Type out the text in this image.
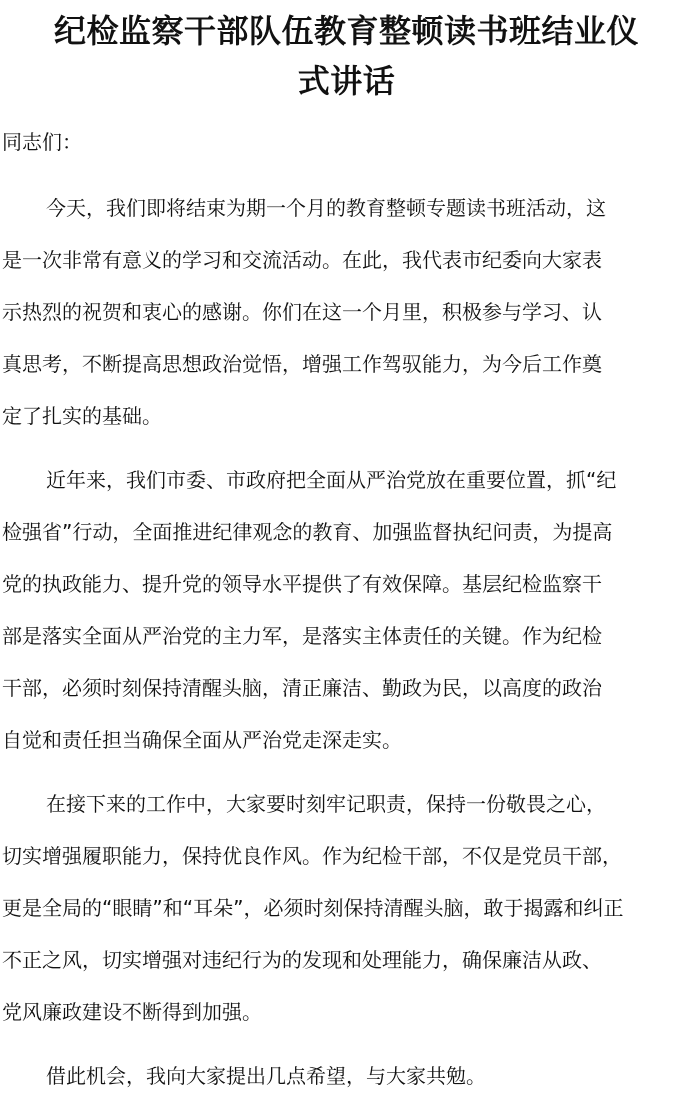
纪检监察干部队伍教育整顿读书班结业仪
式讲话
同志们：
今天，我们即将结束为期一个月的教育整顿专题读书班活动，这
是一次非常有意义的学习和交流活动。在此，我代表市纪委向大家表
示热烈的祝贺和衷心的感谢。你们在这一个月里，积极参与学习、认
真思考，不断提高思想政治觉悟，增强工作驾驭能力，为今后工作奠
定了扎实的基础。
近年来，我们市委、市政府把全面从严治党放在重要位置，抓“纪
检强省”行动，全面推进纪律观念的教育、加强监督执纪问责，为提高
党的执政能力、提升党的领导水平提供了有效保障。基层纪检监察干
部是落实全面从严治党的主力军，是落实主体责任的关键。作为纪检
干部，必须时刻保持清醒头脑，清正廉洁、勤政为民，以高度的政治
自觉和责任担当确保全面从严治党走深走实。
在接下来的工作中，大家要时刻牢记职责，保持一份敬畏之心，
切实增强履职能力，保持优良作风。作为纪检干部，不仅是党员干部，
更是全局的“眼睛”和“耳朵”，必须时刻保持清醒头脑，敢于揭露和纠正
不正之风，切实增强对违纪行为的发现和处理能力，确保廉洁从政、
党风廉政建设不断得到加强。
借此机会，我向大家提出几点希望，与大家共勉。
